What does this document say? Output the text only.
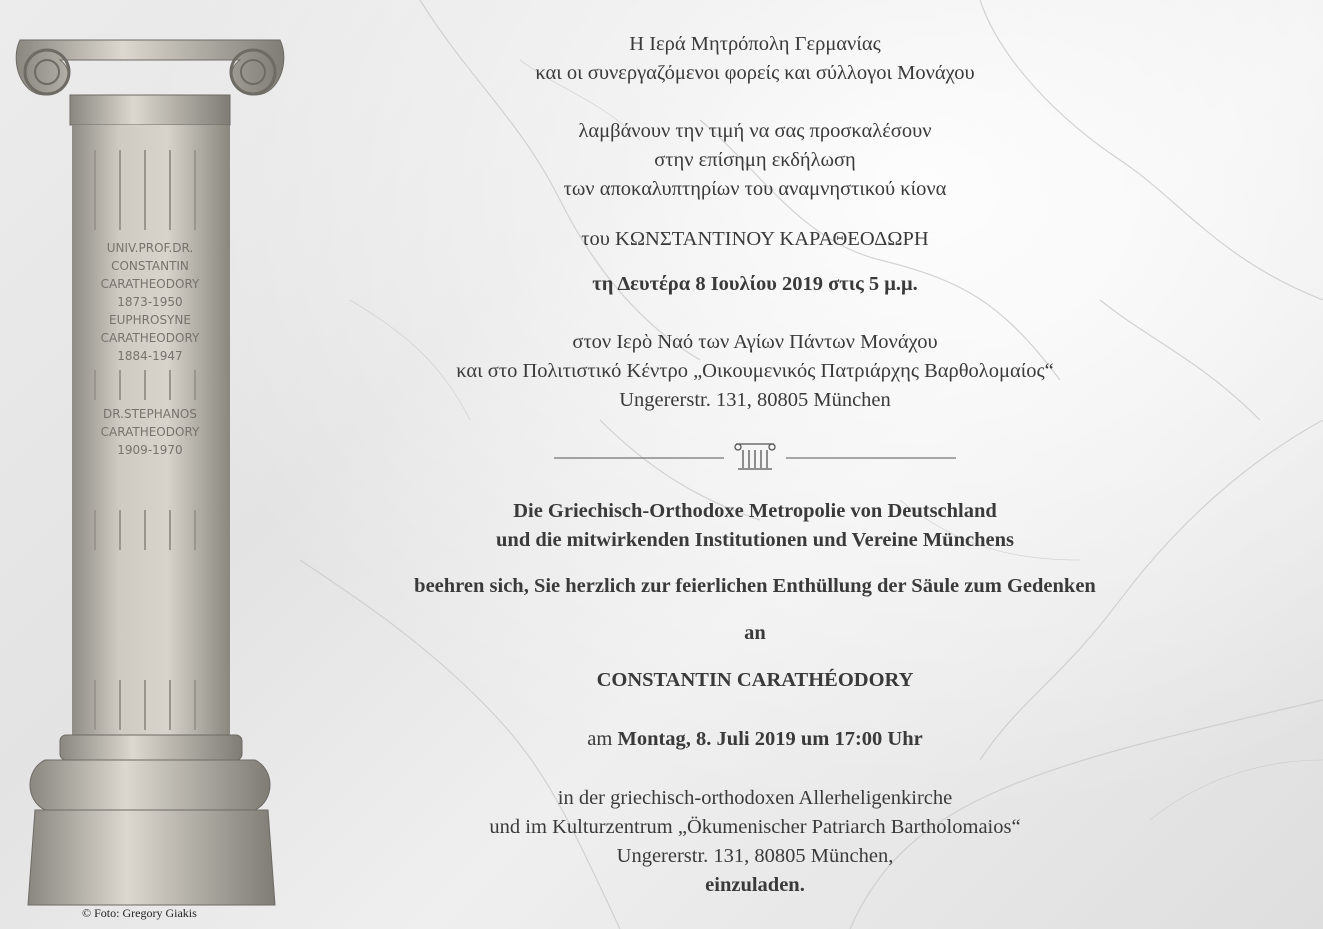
UNIV.PROF.DR.
CONSTANTIN
CARATHEODORY
1873-1950
EUPHROSYNE
CARATHEODORY
1884-1947
DR.STEPHANOS
CARATHEODORY
1909-1970
© Foto: Gregory Giakis

Η Ιερά Μητρόπολη Γερμανίας

και οι συνεργαζόμενοι φορείς και σύλλογοι Μονάχου

λαμβάνουν την τιμή να σας προσκαλέσουν

στην επίσημη εκδήλωση

των αποκαλυπτηρίων του αναμνηστικού κίονα

του ΚΩΝΣΤΑΝΤΙΝΟΥ ΚΑΡΑΘΕΟΔΩΡΗ

τη Δευτέρα 8 Ιουλίου 2019 στις 5 μ.μ.

στον Ιερὸ Ναό των Αγίων Πάντων Μονάχου

και στο Πολιτιστικό Κέντρο „Οικουμενικός Πατριάρχης Βαρθολομαίος“

Ungererstr. 131, 80805 München

Die Griechisch-Orthodoxe Metropolie von Deutschland

und die mitwirkenden Institutionen und Vereine Münchens

beehren sich, Sie herzlich zur feierlichen Enthüllung der Säule zum Gedenken

an

CONSTANTIN CARATHÉODORY

am Montag, 8. Juli 2019 um 17:00 Uhr

in der griechisch-orthodoxen Allerheligenkirche

und im Kulturzentrum „Ökumenischer Patriarch Bartholomaios“

Ungererstr. 131, 80805 München,

einzuladen.
